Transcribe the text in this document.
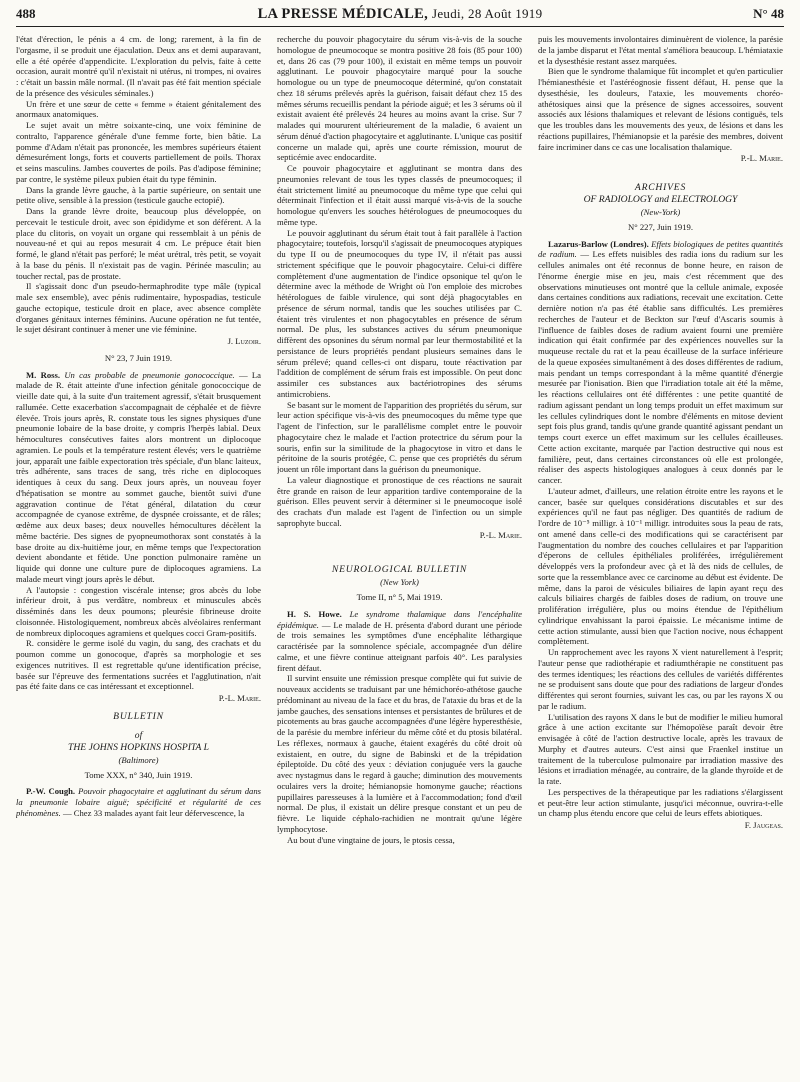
488	LA PRESSE MÉDICALE, Jeudi, 28 Août 1919	N° 48

l'état d'érection, le pénis a 4 cm. de long; rarement, à la fin de l'orgasme, il se produit une éjaculation. Deux ans et demi auparavant, elle a été opérée d'appendicite. L'exploration du pelvis, faite à cette occasion, aurait montré qu'il n'existait ni utérus, ni trompes, ni ovaires : c'était un bassin mâle normal. (Il n'avait pas été fait mention spéciale de la présence des vésicules séminales.)

Un frère et une sœur de cette « femme » étaient génitalement des anormaux anatomiques.

Le sujet avait un mètre soixante-cinq, une voix féminine de contralto, l'apparence générale d'une femme forte, bien bâtie. La pomme d'Adam n'était pas prononcée, les membres supérieurs étaient démesurément longs, forts et couverts partiellement de poils. Thorax et seins masculins. Jambes couvertes de poils. Pas d'adipose féminine; par contre, le système pileux pubien était du type féminin.

Dans la grande lèvre gauche, à la partie supérieure, on sentait une petite olive, sensible à la pression (testicule gauche ectopié).

Dans la grande lèvre droite, beaucoup plus développée, on percevait le testicule droit, avec son épididyme et son déférent. A la place du clitoris, on voyait un organe qui ressemblait à un pénis de nouveau-né et qui au repos mesurait 4 cm. Le prépuce était bien formé, le gland n'était pas perforé; le méat urétral, très petit, se voyait à la base du pénis. Il n'existait pas de vagin. Périnée masculin; au toucher rectal, pas de prostate.

Il s'agissait donc d'un pseudo-hermaphrodite type mâle (typical male sex ensemble), avec pénis rudimentaire, hypospadias, testicule gauche ectopique, testicule droit en place, avec absence complète d'organes génitaux internes féminins. Aucune opération ne fut tentée, le sujet désirant continuer à mener une vie féminine.

J. Luzoir.

N° 23, 7 Juin 1919.

M. Ross. Un cas probable de pneumonie gonococcique. — La malade de R. était atteinte d'une infection génitale gonococcique de vieille date qui, à la suite d'un traitement agressif, s'était brusquement rallumée. Cette exacerbation s'accompagnait de céphalée et de fièvre élevée. Trois jours après, R. constate tous les signes physiques d'une pneumonie lobaire de la base droite, y compris l'herpès labial. Deux hémocultures consécutives faites alors montrent un diplocoque agramien. Le pouls et la température restent élevés; vers le quatrième jour, apparaît une faible expectoration très spéciale, d'un blanc laiteux, très adhérente, sans traces de sang, très riche en diplocoques identiques à ceux du sang. Deux jours après, un nouveau foyer d'hépatisation se montre au sommet gauche, bientôt suivi d'une aggravation continue de l'état général, dilatation du cœur accompagnée de cyanose extrême, de dyspnée croissante, et de râles; œdème aux deux bases; deux nouvelles hémocultures décèlent la même bactérie. Des signes de pyopneumothorax sont constatés à la base droite au dix-huitième jour, en même temps que l'expectoration devient abondante et fétide. Une ponction pulmonaire ramène un liquide qui donne une culture pure de diplocoques agramiens. La malade meurt vingt jours après le début.

A l'autopsie : congestion viscérale intense; gros abcès du lobe inférieur droit, à pus verdâtre, nombreux et minuscules abcès disséminés dans les deux poumons; pleurésie fibrineuse droite cloisonnée. Histologiquement, nombreux abcès alvéolaires renfermant de nombreux diplocoques agramiens et quelques cocci Gram-positifs.

R. considère le germe isolé du vagin, du sang, des crachats et du poumon comme un gonocoque, d'après sa morphologie et ses exigences nutritives. Il est regrettable qu'une identification précise, basée sur l'épreuve des fermentations sucrées et l'agglutination, n'ait pas été faite dans ce cas intéressant et exceptionnel.

P.-L. Marie.
BULLETIN
of
THE JOHNS HOPKINS HOSPITA L
(Baltimore)
Tome XXX, n° 340, Juin 1919.

P.-W. Cough. Pouvoir phagocytaire et agglutinant du sérum dans la pneumonie lobaire aiguë; spécificité et régularité de ces phénomènes. — Chez 33 malades ayant fait leur défervescence, la

recherche du pouvoir phagocytaire du sérum vis-à-vis de la souche homologue de pneumocoque se montra positive 28 fois (85 pour 100) et, dans 26 cas (79 pour 100), il existait en même temps un pouvoir agglutinant. Le pouvoir phagocytaire marqué pour la souche homologue ou un type de pneumocoque déterminé, qu'on constatait chez 18 sérums prélevés après la guérison, faisait défaut chez 15 des mêmes sérums recueillis pendant la période aiguë; et les 3 sérums où il existait avaient été prélevés 24 heures au moins avant la crise. Sur 7 malades qui moururent ultérieurement de la maladie, 6 avaient un sérum dénué d'action phagocytaire et agglutinante. L'unique cas positif concerne un malade qui, après une courte rémission, mourut de septicémie avec endocardite.

Ce pouvoir phagocytaire et agglutinant se montra dans des pneumonies relevant de tous les types classés de pneumocoques; il était strictement limité au pneumocoque du même type que celui qui déterminait l'infection et il était aussi marqué vis-à-vis de la souche homologue qu'envers les souches hétérologues de pneumocoques du même type.

Le pouvoir agglutinant du sérum était tout à fait parallèle à l'action phagocytaire; toutefois, lorsqu'il s'agissait de pneumocoques atypiques du type II ou de pneumocoques du type IV, il n'était pas aussi strictement spécifique que le pouvoir phagocytaire. Celui-ci diffère complètement d'une augmentation de l'indice opsonique tel qu'on le détermine avec la méthode de Wright où l'on emploie des microbes hétérologues de faible virulence, qui sont déjà phagocytables en présence de sérum normal, tandis que les souches utilisées par C. étaient très virulentes et non phagocytables en présence de sérum normal. De plus, les substances actives du sérum pneumonique diffèrent des opsonines du sérum normal par leur thermostabilité et la persistance de leurs propriétés pendant plusieurs semaines dans le sérum prélevé; quand celles-ci ont disparu, toute réactivation par l'addition de complément de sérum frais est impossible. On peut donc assimiler ces substances aux bactériotropines des sérums antimicrobiens.

Se basant sur le moment de l'apparition des propriétés du sérum, sur leur action spécifique vis-à-vis des pneumocoques du même type que l'agent de l'infection, sur le parallélisme complet entre le pouvoir phagocytaire chez le malade et l'action protectrice du sérum pour la souris, enfin sur la similitude de la phagocytose in vitro et dans le péritoine de la souris protégée, C. pense que ces propriétés du sérum jouent un rôle important dans la guérison du pneumonique.

La valeur diagnostique et pronostique de ces réactions ne saurait être grande en raison de leur apparition tardive contemporaine de la guérison. Elles peuvent servir à déterminer si le pneumocoque isolé des crachats d'un malade est l'agent de l'infection ou un simple saprophyte buccal.

P.-L. Marie.
NEUROLOGICAL BULLETIN
(New York)
Tome II, n° 5, Mai 1919.

H. S. Howe. Le syndrome thalamique dans l'encéphalite épidémique. — Le malade de H. présenta d'abord durant une période de trois semaines les symptômes d'une encéphalite léthargique caractérisée par la somnolence spéciale, accompagnée d'un délire calme, et une fièvre continue atteignant parfois 40°. Les paralysies firent défaut.

Il survint ensuite une rémission presque complète qui fut suivie de nouveaux accidents se traduisant par une hémichoréo-athétose gauche prédominant au niveau de la face et du bras, de l'ataxie du bras et de la jambe gauches, des sensations intenses et persistantes de brûlures et de picotements au bras gauche accompagnées d'une légère hyperesthésie, de la parésie du membre inférieur du même côté et du ptosis bilatéral. Les réflexes, normaux à gauche, étaient exagérés du côté droit où existaient, en outre, du signe de Babinski et de la trépidation épileptoïde. Du côté des yeux : déviation conjuguée vers la gauche avec nystagmus dans le regard à gauche; diminution des mouvements oculaires vers la droite; hémianopsie homonyme gauche; réactions pupillaires paresseuses à la lumière et à l'accommodation; fond d'œil normal. De plus, il existait un délire presque constant et un peu de fièvre. Le liquide céphalo-rachidien ne montrait qu'une légère lymphocytose.

Au bout d'une vingtaine de jours, le ptosis cessa,

puis les mouvements involontaires diminuèrent de violence, la parésie de la jambe disparut et l'état mental s'améliora beaucoup. L'hémiataxie et la dysesthésie restant assez marquées.

Bien que le syndrome thalamique fût incomplet et qu'en particulier l'hémianesthésie et l'astéréognosie fissent défaut, H. pense que la dysesthésie, les douleurs, l'ataxie, les mouvements choréo-athétosiques ainsi que la présence de signes accessoires, souvent associés aux lésions thalamiques et relevant de lésions contiguës, tels que les troubles dans les mouvements des yeux, de lésions et dans les réactions pupillaires, l'hémianopsie et la parésie des membres, doivent faire incriminer dans ce cas une localisation thalamique.

P.-L. Marie.
ARCHIVES
OF RADIOLOGY and ELECTROLOGY
(New-York)
N° 227, Juin 1919.

Lazarus-Barlow (Londres). Effets biologiques de petites quantités de radium. — Les effets nuisibles des radia ions du radium sur les cellules animales ont été reconnus de bonne heure, en raison de l'énorme énergie mise en jeu, mais c'est récemment que des observations minutieuses ont montré que la cellule animale, exposée dans certaines conditions aux radiations, recevait une excitation. Cette dernière notion n'a pas été établie sans difficultés. Les premières recherches de l'auteur et de Beckton sur l'œuf d'Ascaris soumis à l'influence de faibles doses de radium avaient fourni une première indication qui était confirmée par des expériences nouvelles sur la muqueuse rectale du rat et la peau écailleuse de la surface inférieure de la queue exposées simultanément à des doses différentes de radium, mais pendant un temps correspondant à la même quantité d'énergie mesurée par l'ionisation. Bien que l'irradiation totale ait été la même, les réactions cellulaires ont été différentes : une petite quantité de radium agissant pendant un long temps produit un effet maximum sur les cellules cylindriques dont le nombre d'éléments en mitose devient sept fois plus grand, tandis qu'une grande quantité agissant pendant un temps court exerce un effet maximum sur les cellules écailleuses. Cette action excitante, marquée par l'action destructive qui nous est familière, peut, dans certaines circonstances où elle est prolongée, réaliser des aspects histologiques analogues à ceux donnés par le cancer.

L'auteur admet, d'ailleurs, une relation étroite entre les rayons et le cancer, basée sur quelques considérations discutables et sur des expériences qu'il ne faut pas négliger. Des quantités de radium de l'ordre de 10⁻⁵ milligr. à 10⁻¹ milligr. introduites sous la peau de rats, ont amené dans celle-ci des modifications qui se caractérisent par l'augmentation du nombre des couches cellulaires et par l'apparition d'éperons de cellules épithéliales proliférées, irrégulièrement développés vers la profondeur avec çà et là des nids de cellules, de sorte que la ressemblance avec ce carcinome au début est évidente. De même, dans la paroi de vésicules biliaires de lapin ayant reçu des calculs biliaires chargés de faibles doses de radium, on trouve une prolifération irrégulière, plus ou moins étendue de l'épithélium cylindrique envahissant la paroi épaissie. Le mécanisme intime de cette action stimulante, aussi bien que l'action nocive, nous échappent complètement.

Un rapprochement avec les rayons X vient naturellement à l'esprit; l'auteur pense que radiothérapie et radiumthérapie ne constituent pas des termes identiques; les réactions des cellules de variétés différentes ne se produisent sans doute que pour des radiations de largeur d'ondes différentes qui seront fournies, suivant les cas, ou par les rayons X ou par le radium.

L'utilisation des rayons X dans le but de modifier le milieu humoral grâce à une action excitante sur l'hémopoïèse paraît devoir être envisagée à côté de l'action destructive locale, après les travaux de Murphy et d'autres auteurs. C'est ainsi que Fraenkel institue un traitement de la tuberculose pulmonaire par irradiation massive des lésions et irradiation ménagée, au contraire, de la glande thyroïde et de la rate.

Les perspectives de la thérapeutique par les radiations s'élargissent et peut-être leur action stimulante, jusqu'ici méconnue, ouvrira-t-elle un champ plus étendu encore que celui de leurs effets abiotiques.

F. Jaugeas.
